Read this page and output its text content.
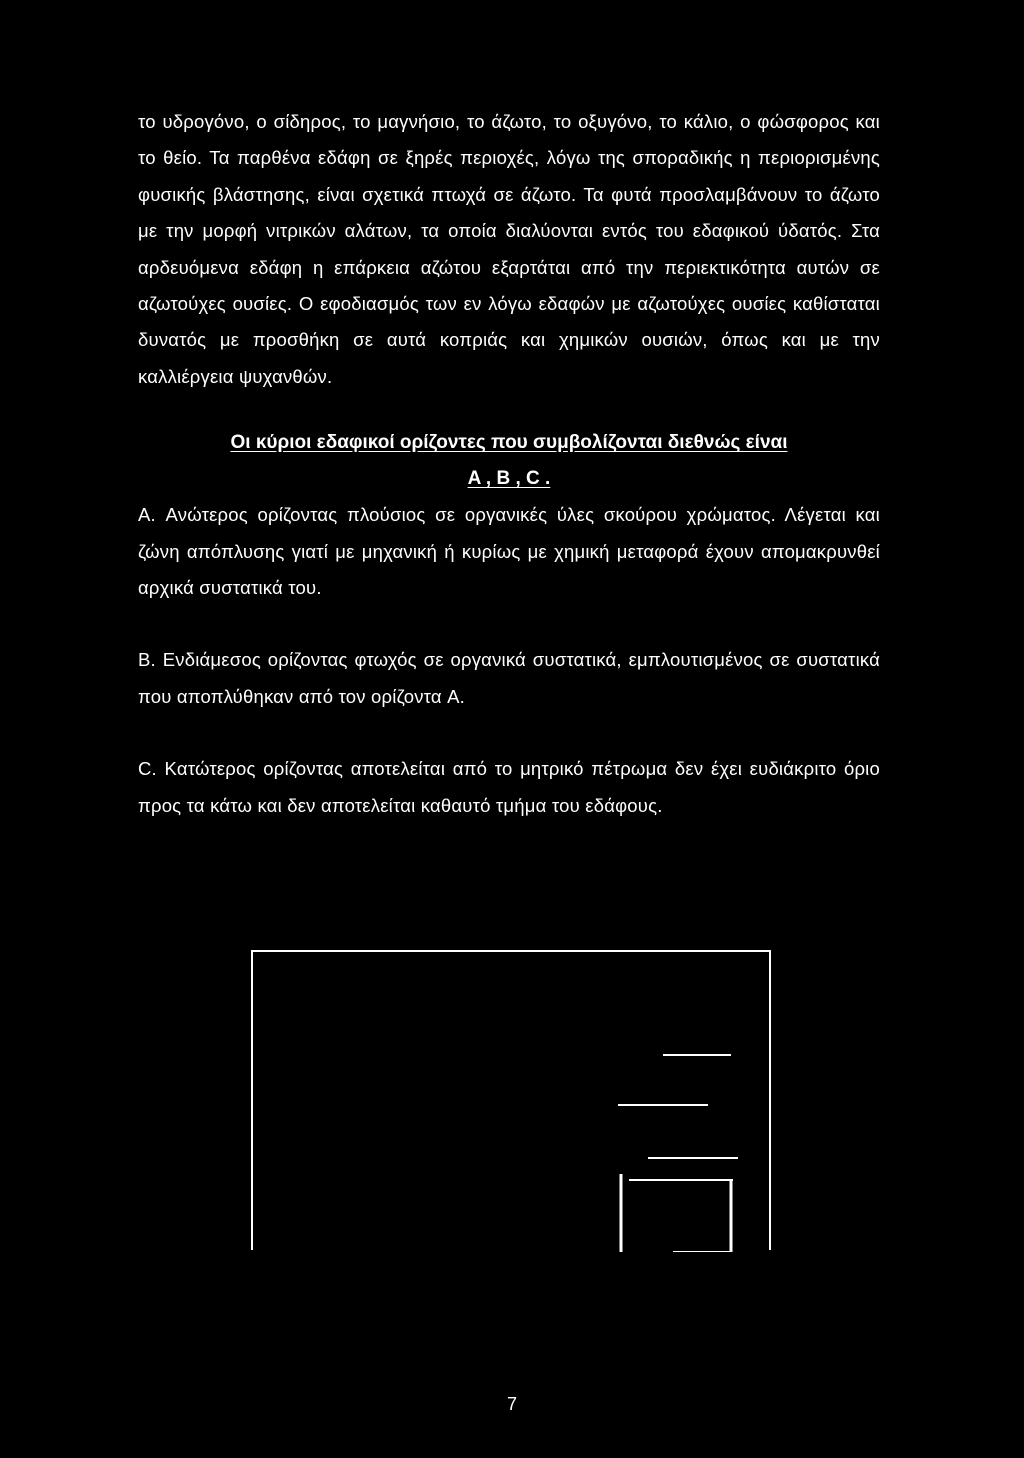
το υδρογόνο, ο σίδηρος, το μαγνήσιο, το άζωτο, το οξυγόνο, το κάλιο, ο φώσφορος και το θείο. Τα παρθένα εδάφη σε ξηρές περιοχές, λόγω της σποραδικής η περιορισμένης φυσικής βλάστησης, είναι σχετικά πτωχά σε άζωτο. Τα φυτά προσλαμβάνουν το άζωτο με την μορφή νιτρικών αλάτων, τα οποία διαλύονται εντός του εδαφικού ύδατός. Στα αρδευόμενα εδάφη η επάρκεια αζώτου εξαρτάται από την περιεκτικότητα αυτών σε αζωτούχες ουσίες. Ο εφοδιασμός των εν λόγω εδαφών με αζωτούχες ουσίες καθίσταται δυνατός με προσθήκη σε αυτά κοπριάς και χημικών ουσιών, όπως και με την καλλιέργεια ψυχανθών.

Οι κύριοι εδαφικοί ορίζοντες που συμβολίζονται διεθνώς είναι

A , B , C .

A. Ανώτερος ορίζοντας πλούσιος σε οργανικές ύλες σκούρου χρώματος. Λέγεται και ζώνη απόπλυσης γιατί με μηχανική ή κυρίως με χημική μεταφορά έχουν απομακρυνθεί αρχικά συστατικά του.

B. Ενδιάμεσος ορίζοντας φτωχός σε οργανικά συστατικά, εμπλουτισμένος σε συστατικά που αποπλύθηκαν από τον ορίζοντα A.

C. Κατώτερος ορίζοντας αποτελείται από το μητρικό πέτρωμα δεν έχει ευδιάκριτο όριο προς τα κάτω και δεν αποτελείται καθαυτό τμήμα του εδάφους.

7
